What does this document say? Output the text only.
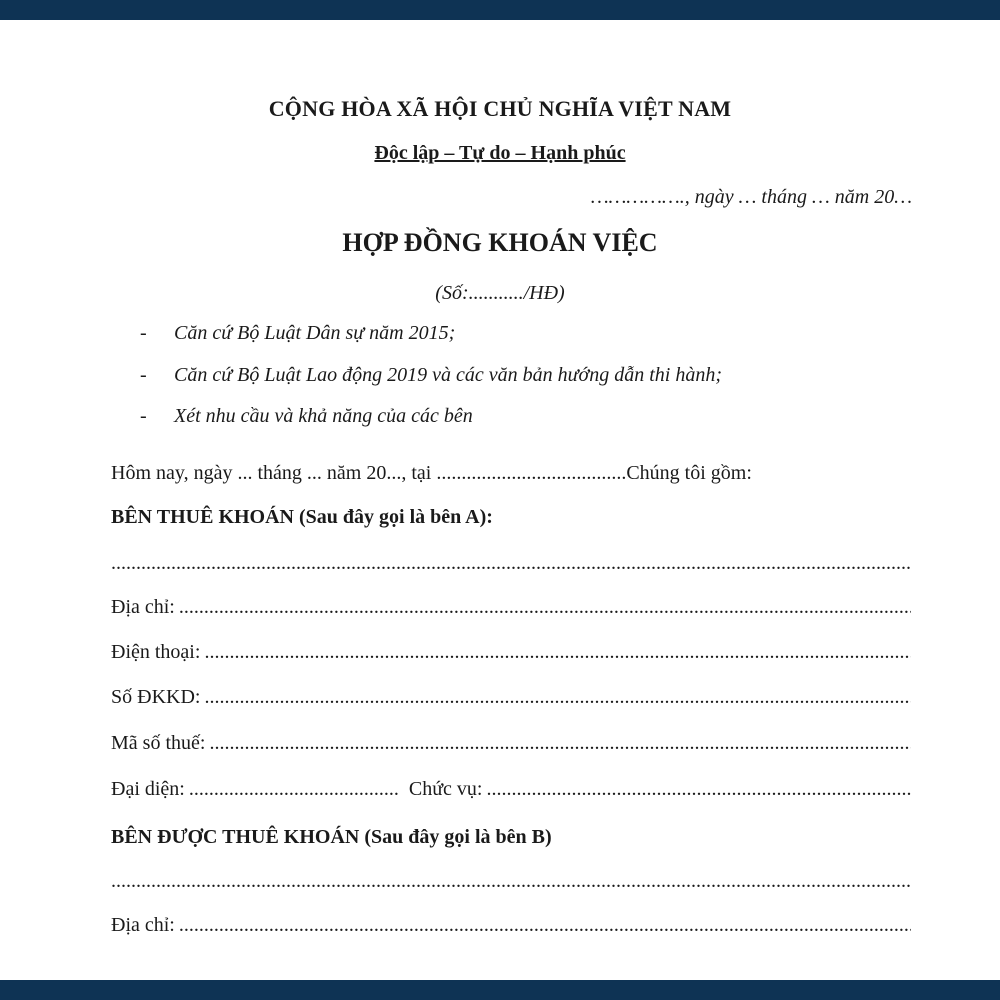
CỘNG HÒA XÃ HỘI CHỦ NGHĨA VIỆT NAM
Độc lập – Tự do – Hạnh phúc
……………., ngày … tháng … năm 20…
HỢP ĐỒNG KHOÁN VIỆC
(Số:.........../HĐ)
- Căn cứ Bộ Luật Dân sự năm 2015;
- Căn cứ Bộ Luật Lao động 2019 và các văn bản hướng dẫn thi hành;
- Xét nhu cầu và khả năng của các bên
Hôm nay, ngày ... tháng ... năm 20..., tại ......................................Chúng tôi gồm:
BÊN THUÊ KHOÁN (Sau đây gọi là bên A):
.....
Địa chỉ:
.....
Điện thoại:
.....
Số ĐKKD:
.....
Mã số thuế:
.....
Đại diện:
.....	Chức vụ:
.....
BÊN ĐƯỢC THUÊ KHOÁN (Sau đây gọi là bên B)
.....
Địa chỉ:
.....
